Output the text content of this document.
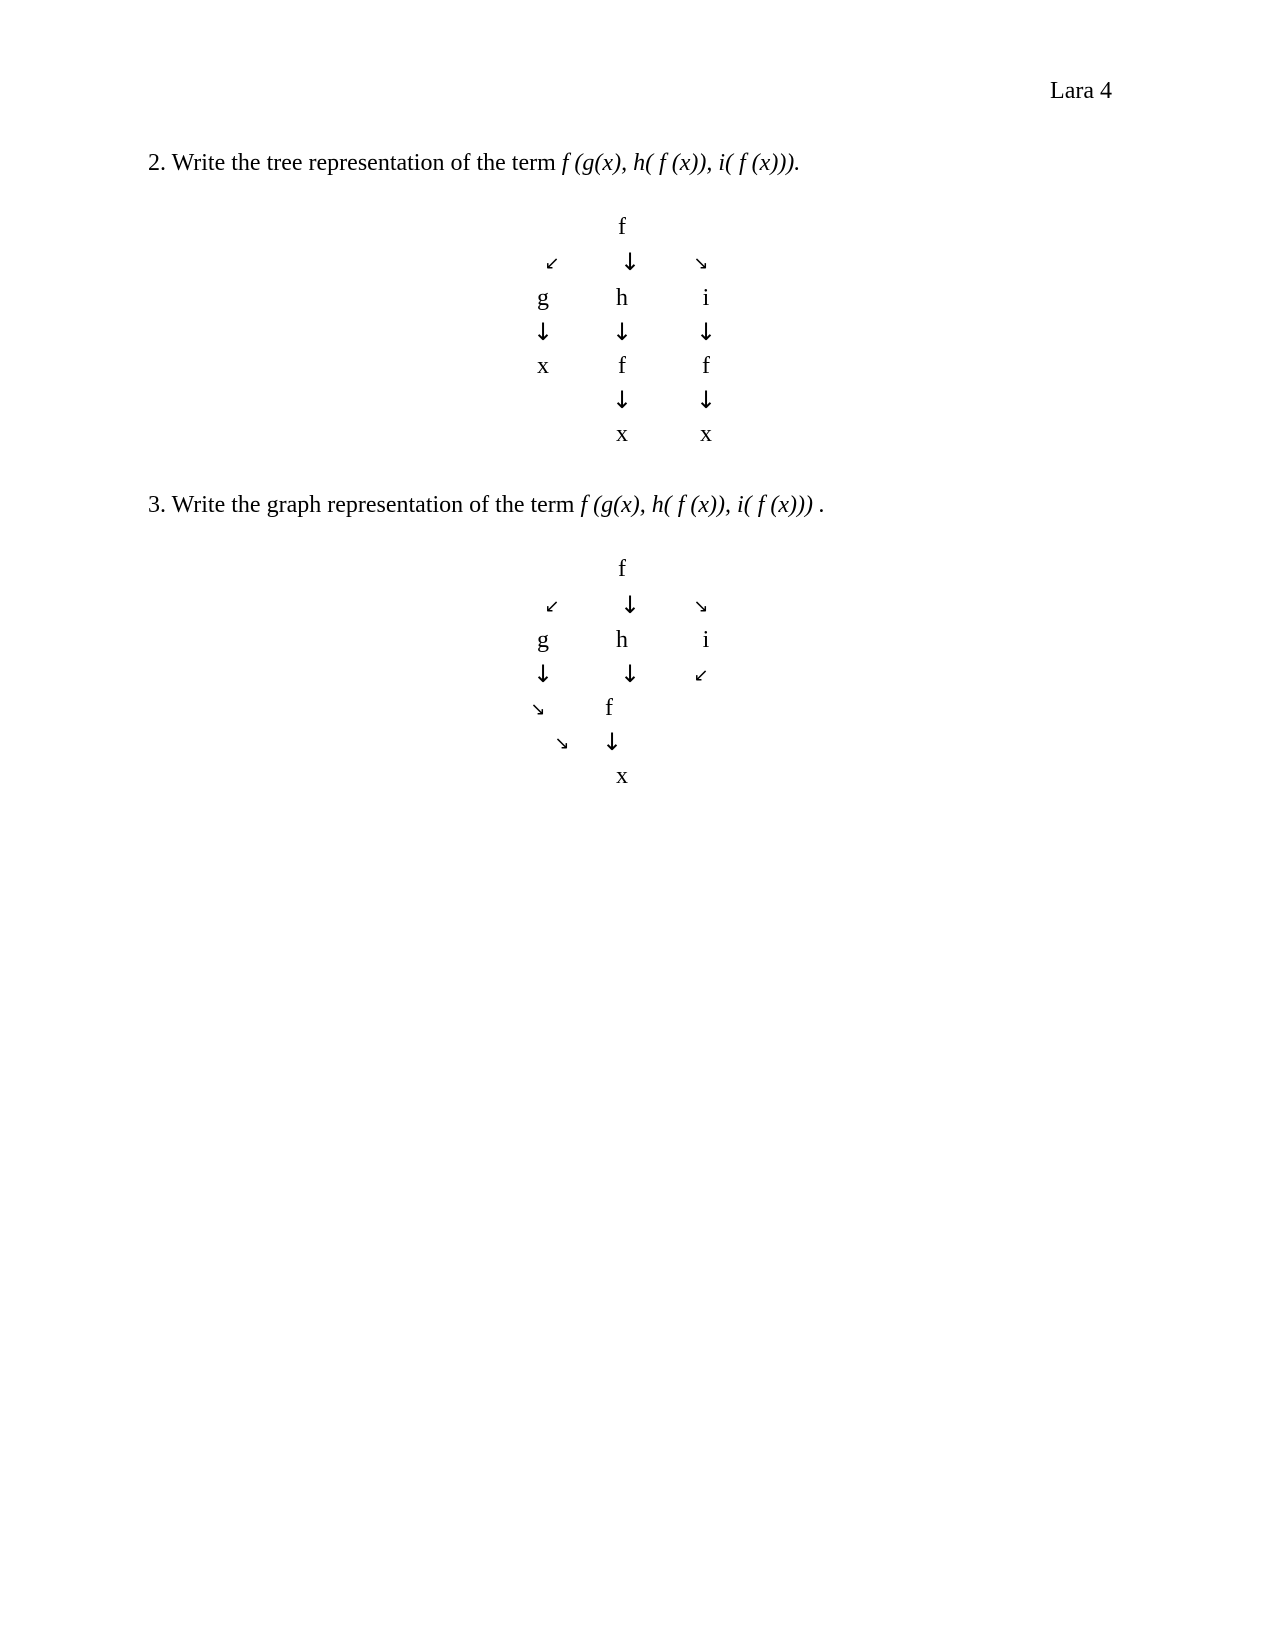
Lara 4
2. Write the tree representation of the term f (g(x), h( f (x)), i( f (x))).
f
↙	↓	↘
g	h	i
↓ ↓	↓
x	f	f
↓	↓
x	x
3. Write the graph representation of the term f (g(x), h( f (x)), i( f (x))) .
f
↙	↓	↘
g	h	i
↓	↓	↙
↘	f
↘	↓
x
